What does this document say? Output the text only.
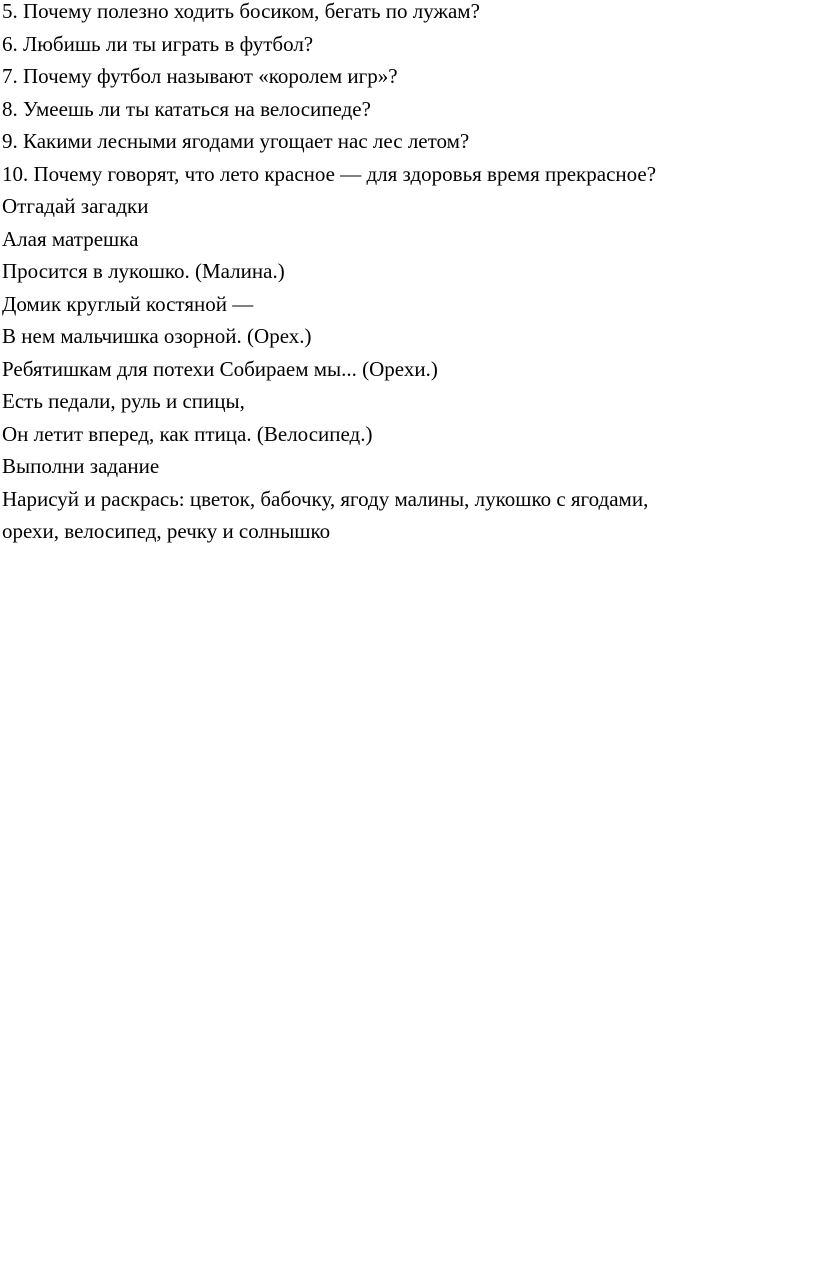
5. Почему полезно ходить босиком, бегать по лужам?

6. Любишь ли ты играть в футбол?

7. Почему футбол называют «королем игр»?

8. Умеешь ли ты кататься на велосипеде?

9. Какими лесными ягодами угощает нас лес летом?

10. Почему говорят, что лето красное — для здоровья время прекрасное?

Отгадай загадки

Алая матрешка

Просится в лукошко. (Малина.)

Домик круглый костяной —

В нем мальчишка озорной. (Орех.)

Ребятишкам для потехи Собираем мы... (Орехи.)

Есть педали, руль и спицы,

Он летит вперед, как птица. (Велосипед.)

Выполни задание

Нарисуй и раскрась: цветок, бабочку, ягоду малины, лукошко с ягодами,

орехи, велосипед, речку и солнышко
